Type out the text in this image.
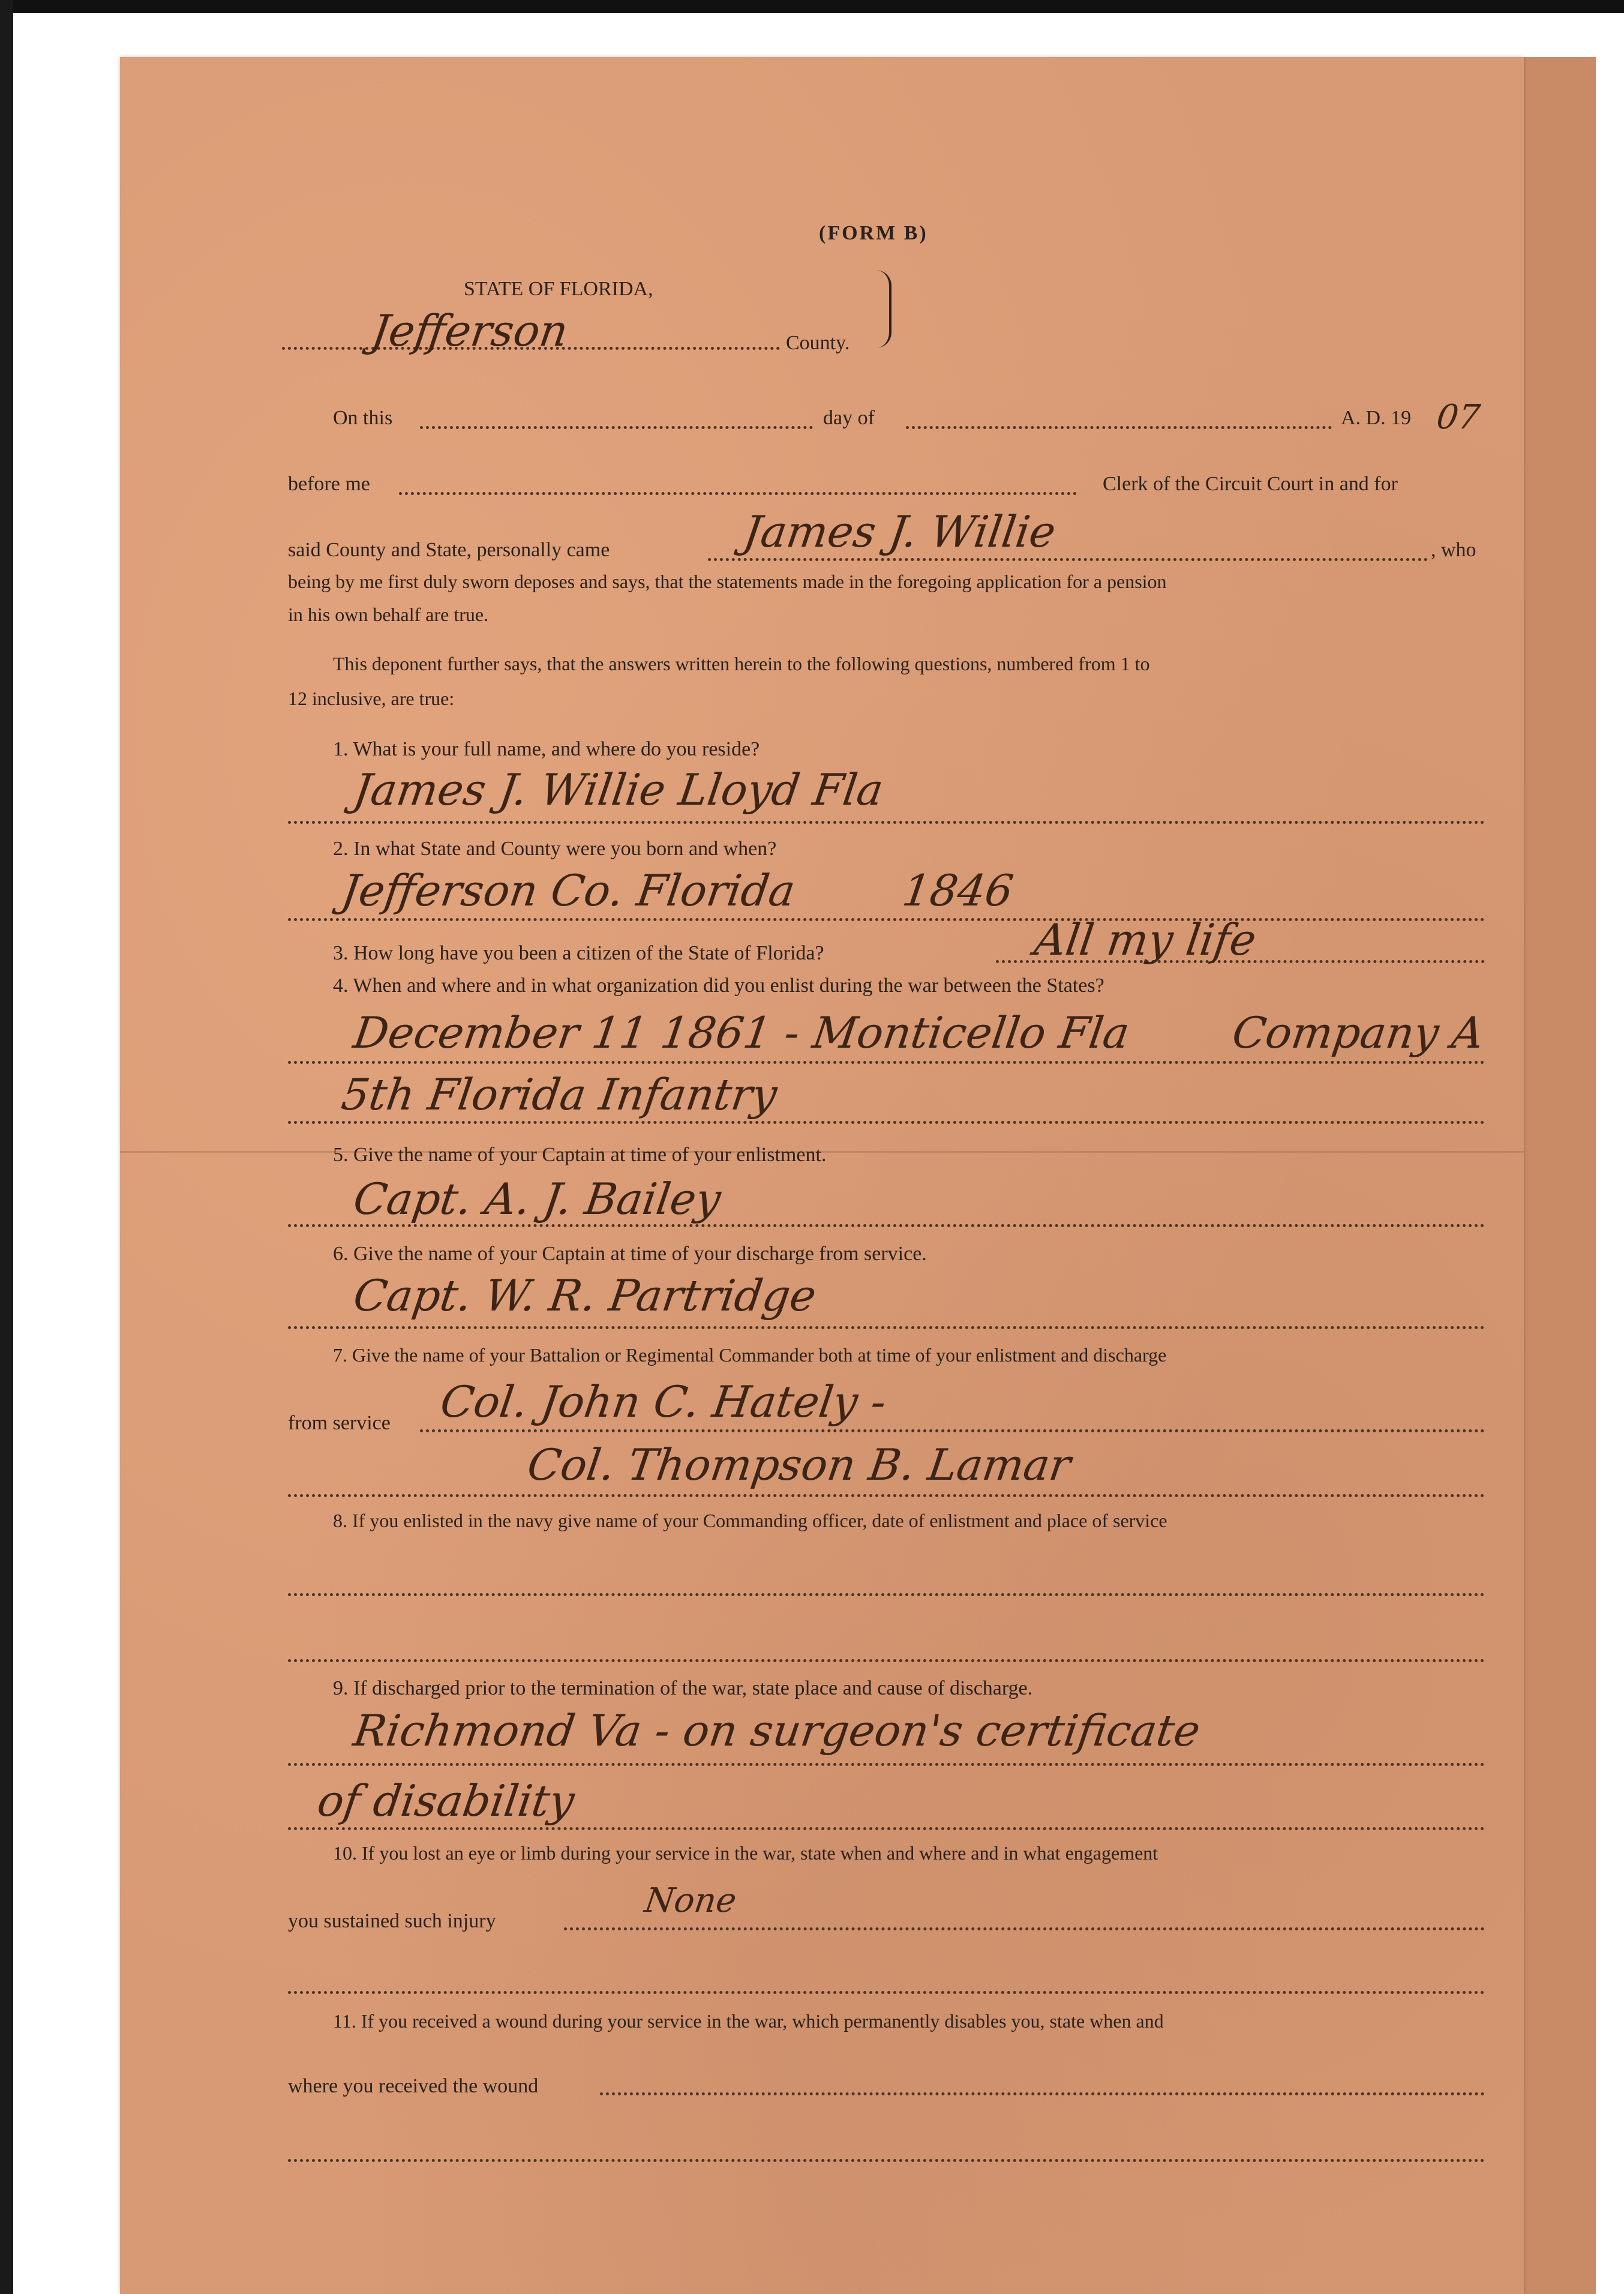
(FORM B)
STATE OF FLORIDA,
Jefferson	County.
On this	day of	A. D. 19 07
before me	Clerk of the Circuit Court in and for
said County and State, personally came	James J. Willie	, who
being by me first duly sworn deposes and says, that the statements made in the foregoing application for a pension
in his own behalf are true.
This deponent further says, that the answers written herein to the following questions, numbered from 1 to
12 inclusive, are true:
1. What is your full name, and where do you reside?
James J. Willie Lloyd Fla
2. In what State and County were you born and when?
Jefferson Co. Florida 1846
3. How long have you been a citizen of the State of Florida?	All my life
4. When and where and in what organization did you enlist during the war between the States?
December 11 1861 - Monticello Fla Company A
5th Florida Infantry
5. Give the name of your Captain at time of your enlistment.
Capt. A. J. Bailey
6. Give the name of your Captain at time of your discharge from service.
Capt. W. R. Partridge
7. Give the name of your Battalion or Regimental Commander both at time of your enlistment and discharge
from service Col. John C. Hately -
Col. Thompson B. Lamar
8. If you enlisted in the navy give name of your Commanding officer, date of enlistment and place of service
9. If discharged prior to the termination of the war, state place and cause of discharge.
Richmond Va - on surgeon's certificate
of disability
10. If you lost an eye or limb during your service in the war, state when and where and in what engagement
you sustained such injury
None
11. If you received a wound during your service in the war, which permanently disables you, state when and
where you received the wound
